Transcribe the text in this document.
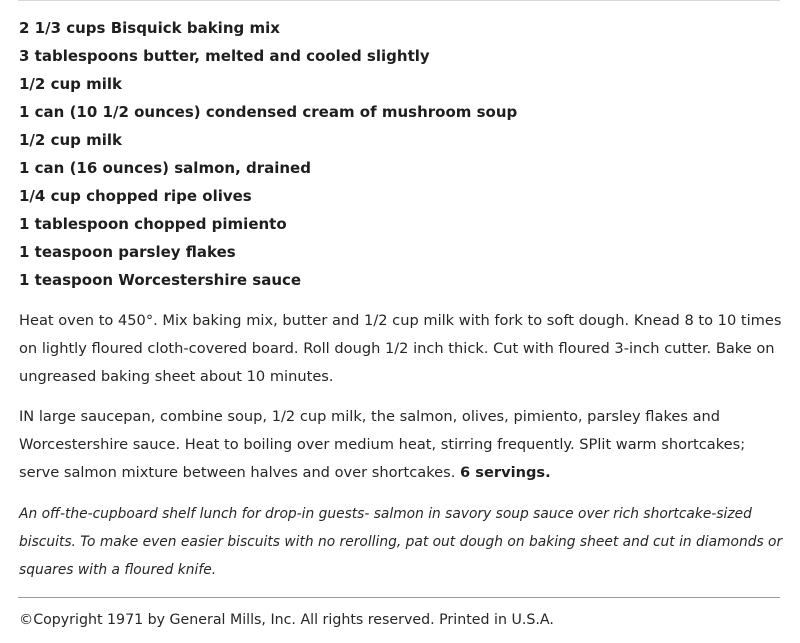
2 1/3 cups Bisquick baking mix
3 tablespoons butter, melted and cooled slightly
1/2 cup milk
1 can (10 1/2 ounces) condensed cream of mushroom soup
1/2 cup milk
1 can (16 ounces) salmon, drained
1/4 cup chopped ripe olives
1 tablespoon chopped pimiento
1 teaspoon parsley flakes
1 teaspoon Worcestershire sauce

Heat oven to 450°. Mix baking mix, butter and 1/2 cup milk with fork to soft dough. Knead 8 to 10 times on lightly floured cloth-covered board. Roll dough 1/2 inch thick. Cut with floured 3-inch cutter. Bake on ungreased baking sheet about 10 minutes.

IN large saucepan, combine soup, 1/2 cup milk, the salmon, olives, pimiento, parsley flakes and Worcestershire sauce. Heat to boiling over medium heat, stirring frequently. SPlit warm shortcakes; serve salmon mixture between halves and over shortcakes. 6 servings.

An off-the-cupboard shelf lunch for drop-in guests- salmon in savory soup sauce over rich shortcake-sized biscuits. To make even easier biscuits with no rerolling, pat out dough on baking sheet and cut in diamonds or squares with a floured knife.

©Copyright 1971 by General Mills, Inc. All rights reserved. Printed in U.S.A.
